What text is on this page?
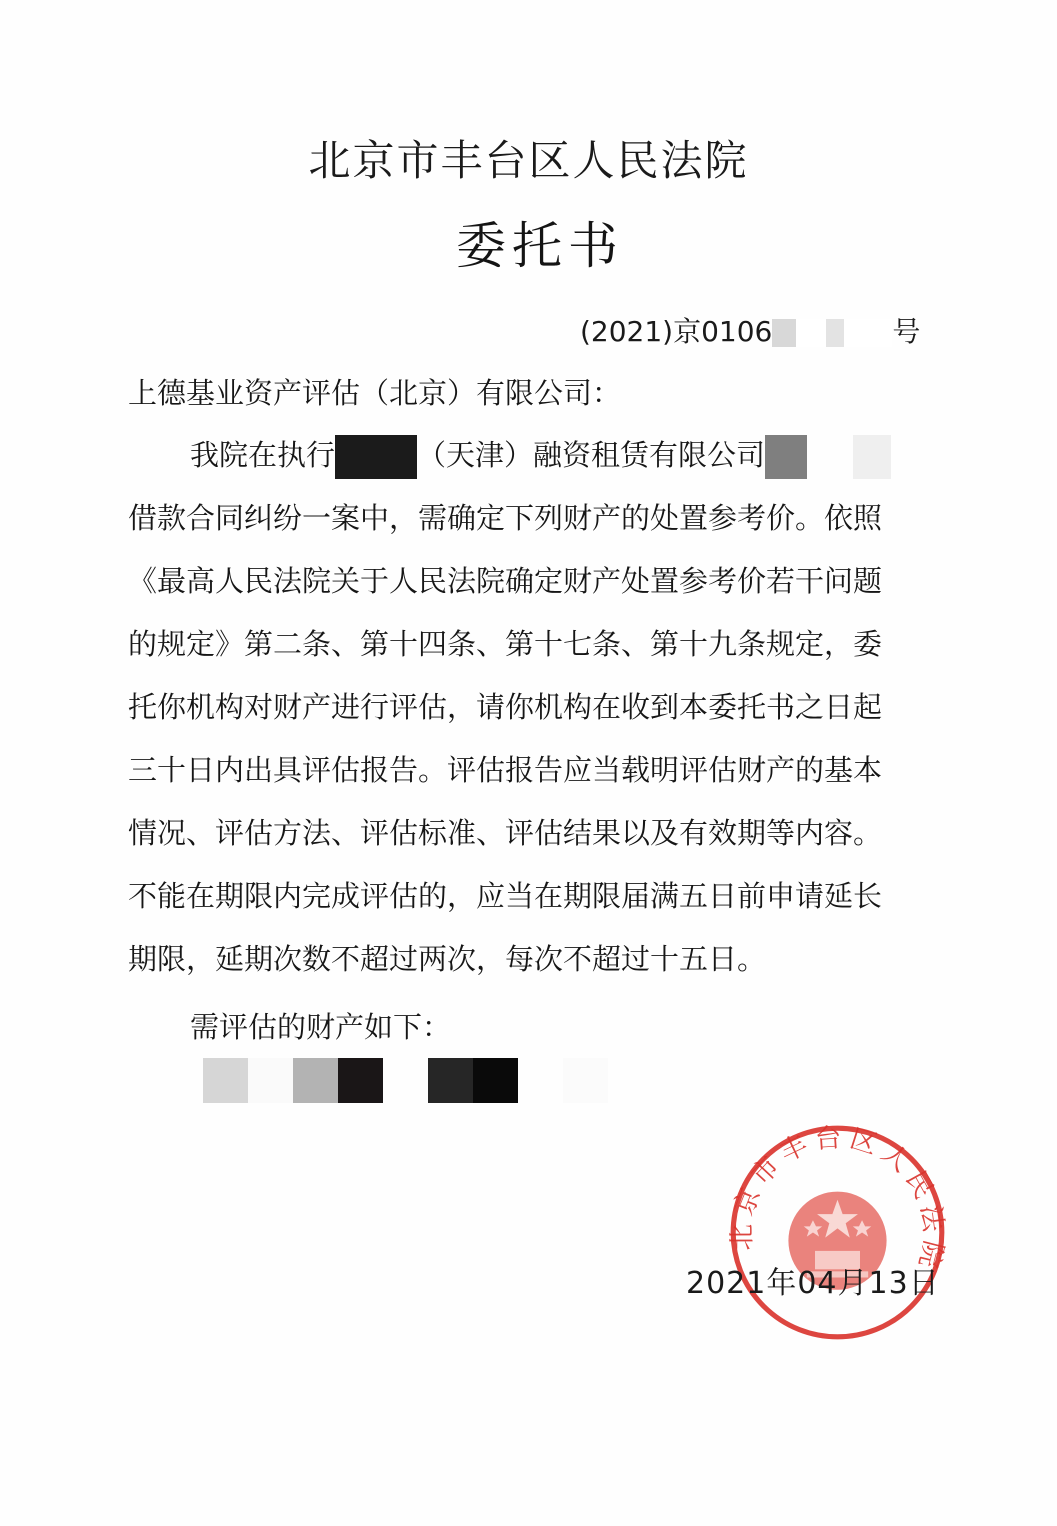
北京市丰台区人民法院
委托书
(2021)京0106	号
上德基业资产评估（北京）有限公司：
我院在执行	（天津）融资租赁有限公司
借款合同纠纷一案中，需确定下列财产的处置参考价。依照
《最高人民法院关于人民法院确定财产处置参考价若干问题
的规定》第二条、第十四条、第十七条、第十九条规定，委
托你机构对财产进行评估，请你机构在收到本委托书之日起
三十日内出具评估报告。评估报告应当载明评估财产的基本
情况、评估方法、评估标准、评估结果以及有效期等内容。
不能在期限内完成评估的，应当在期限届满五日前申请延长
期限，延期次数不超过两次，每次不超过十五日。
需评估的财产如下：
北京市丰台区人民法院
2021年04月13日
